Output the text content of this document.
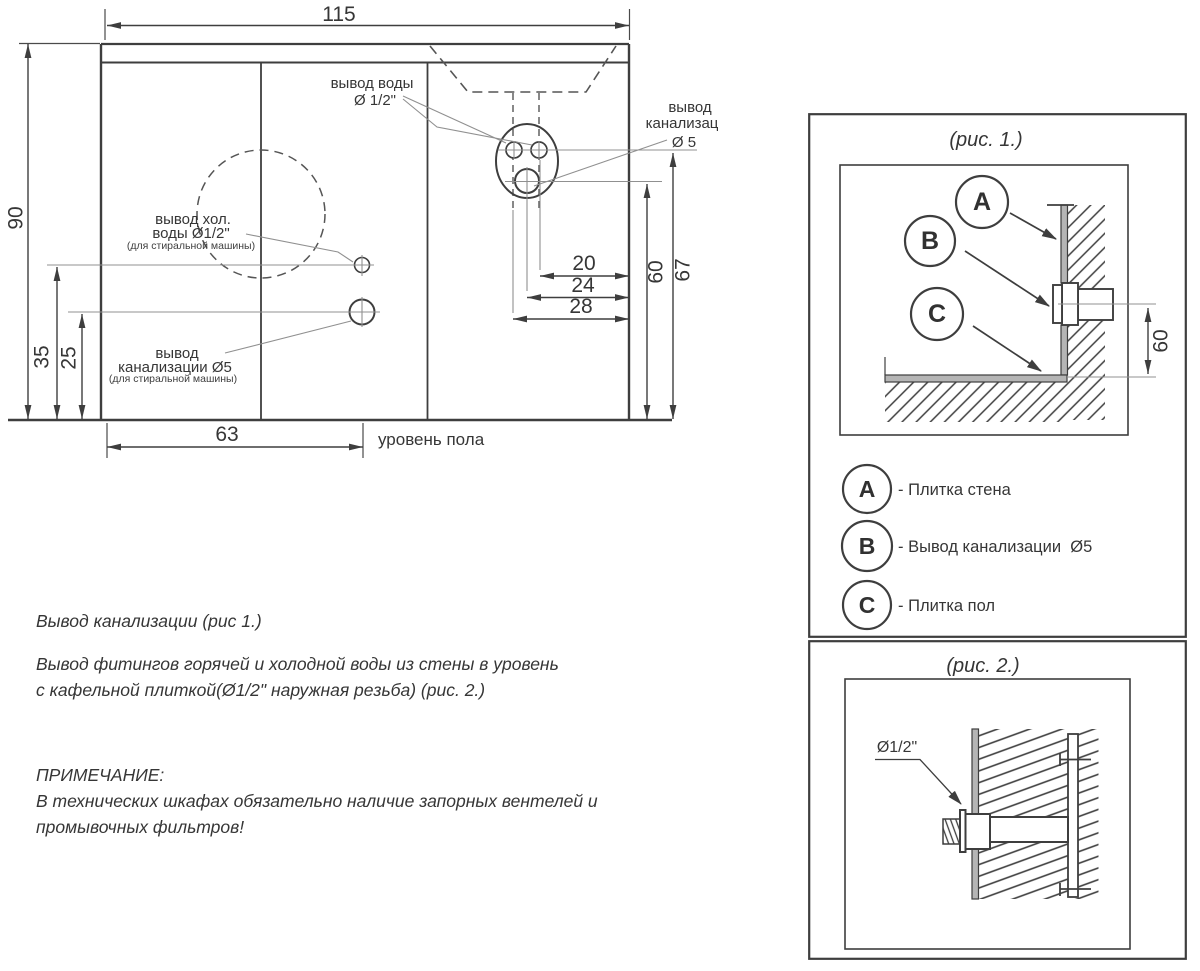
115
90
35 25
63
20
24
28
60 67
уровень пола
вывод воды
Ø 1/2"	вывод
канализац
Ø 5
вывод хол.
воды Ø1/2"
(для стиральной машины)
вывод
канализации Ø5
(для стиральной машины)
(рис. 1.)
60
A
B
C
A
B
C
- Плитка стена
- Вывод канализации  Ø5
- Плитка пол
(рис. 2.)
Ø1/2"
Вывод канализации (рис 1.)
Вывод фитингов горячей и холодной воды из стены в уровень
с кафельной плиткой(Ø1/2" наружная резьба) (рис. 2.)
ПРИМЕЧАНИЕ:
В технических шкафах обязательно наличие запорных вентелей и
промывочных фильтров!
